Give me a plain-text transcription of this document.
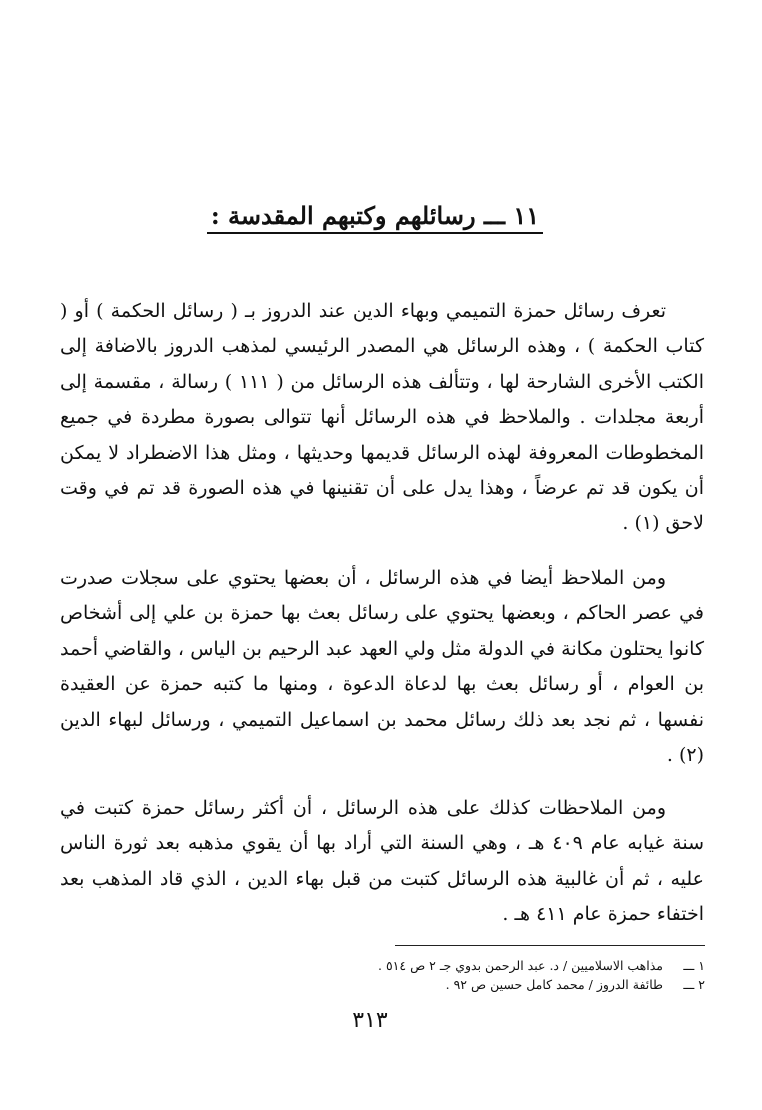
١١ ـــ رسائلهم وكتبهم المقدسة :

تعرف رسائل حمزة التميمي وبهاء الدين عند الدروز بـ ( رسائل الحكمة ) أو ( كتاب الحكمة ) ، وهذه الرسائل هي المصدر الرئيسي لمذهب الدروز بالاضافة إلى الكتب الأخرى الشارحة لها ، وتتألف هذه الرسائل من ( ١١١ ) رسالة ، مقسمة إلى أربعة مجلدات . والملاحظ في هذه الرسائل أنها تتوالى بصورة مطردة في جميع المخطوطات المعروفة لهذه الرسائل قديمها وحديثها ، ومثل هذا الاضطراد لا يمكن أن يكون قد تم عرضاً ، وهذا يدل على أن تقنينها في هذه الصورة قد تم في وقت لاحق (١) .

ومن الملاحظ أيضا في هذه الرسائل ، أن بعضها يحتوي على سجلات صدرت في عصر الحاكم ، وبعضها يحتوي على رسائل بعث بها حمزة بن علي إلى أشخاص كانوا يحتلون مكانة في الدولة مثل ولي العهد عبد الرحيم بن الياس ، والقاضي أحمد بن العوام ، أو رسائل بعث بها لدعاة الدعوة ، ومنها ما كتبه حمزة عن العقيدة نفسها ، ثم نجد بعد ذلك رسائل محمد بن اسماعيل التميمي ، ورسائل لبهاء الدين (٢) .

ومن الملاحظات كذلك على هذه الرسائل ، أن أكثر رسائل حمزة كتبت في سنة غيابه عام ٤٠٩ هـ ، وهي السنة التي أراد بها أن يقوي مذهبه بعد ثورة الناس عليه ، ثم أن غالبية هذه الرسائل كتبت من قبل بهاء الدين ، الذي قاد المذهب بعد اختفاء حمزة عام ٤١١ هـ .

١ ـــ مذاهب الاسلاميين / د. عبد الرحمن بدوي جـ ٢ ص ٥١٤ .
٢ ـــ طائفة الدروز / محمد كامل حسين ص ٩٢ .
٣١٣
